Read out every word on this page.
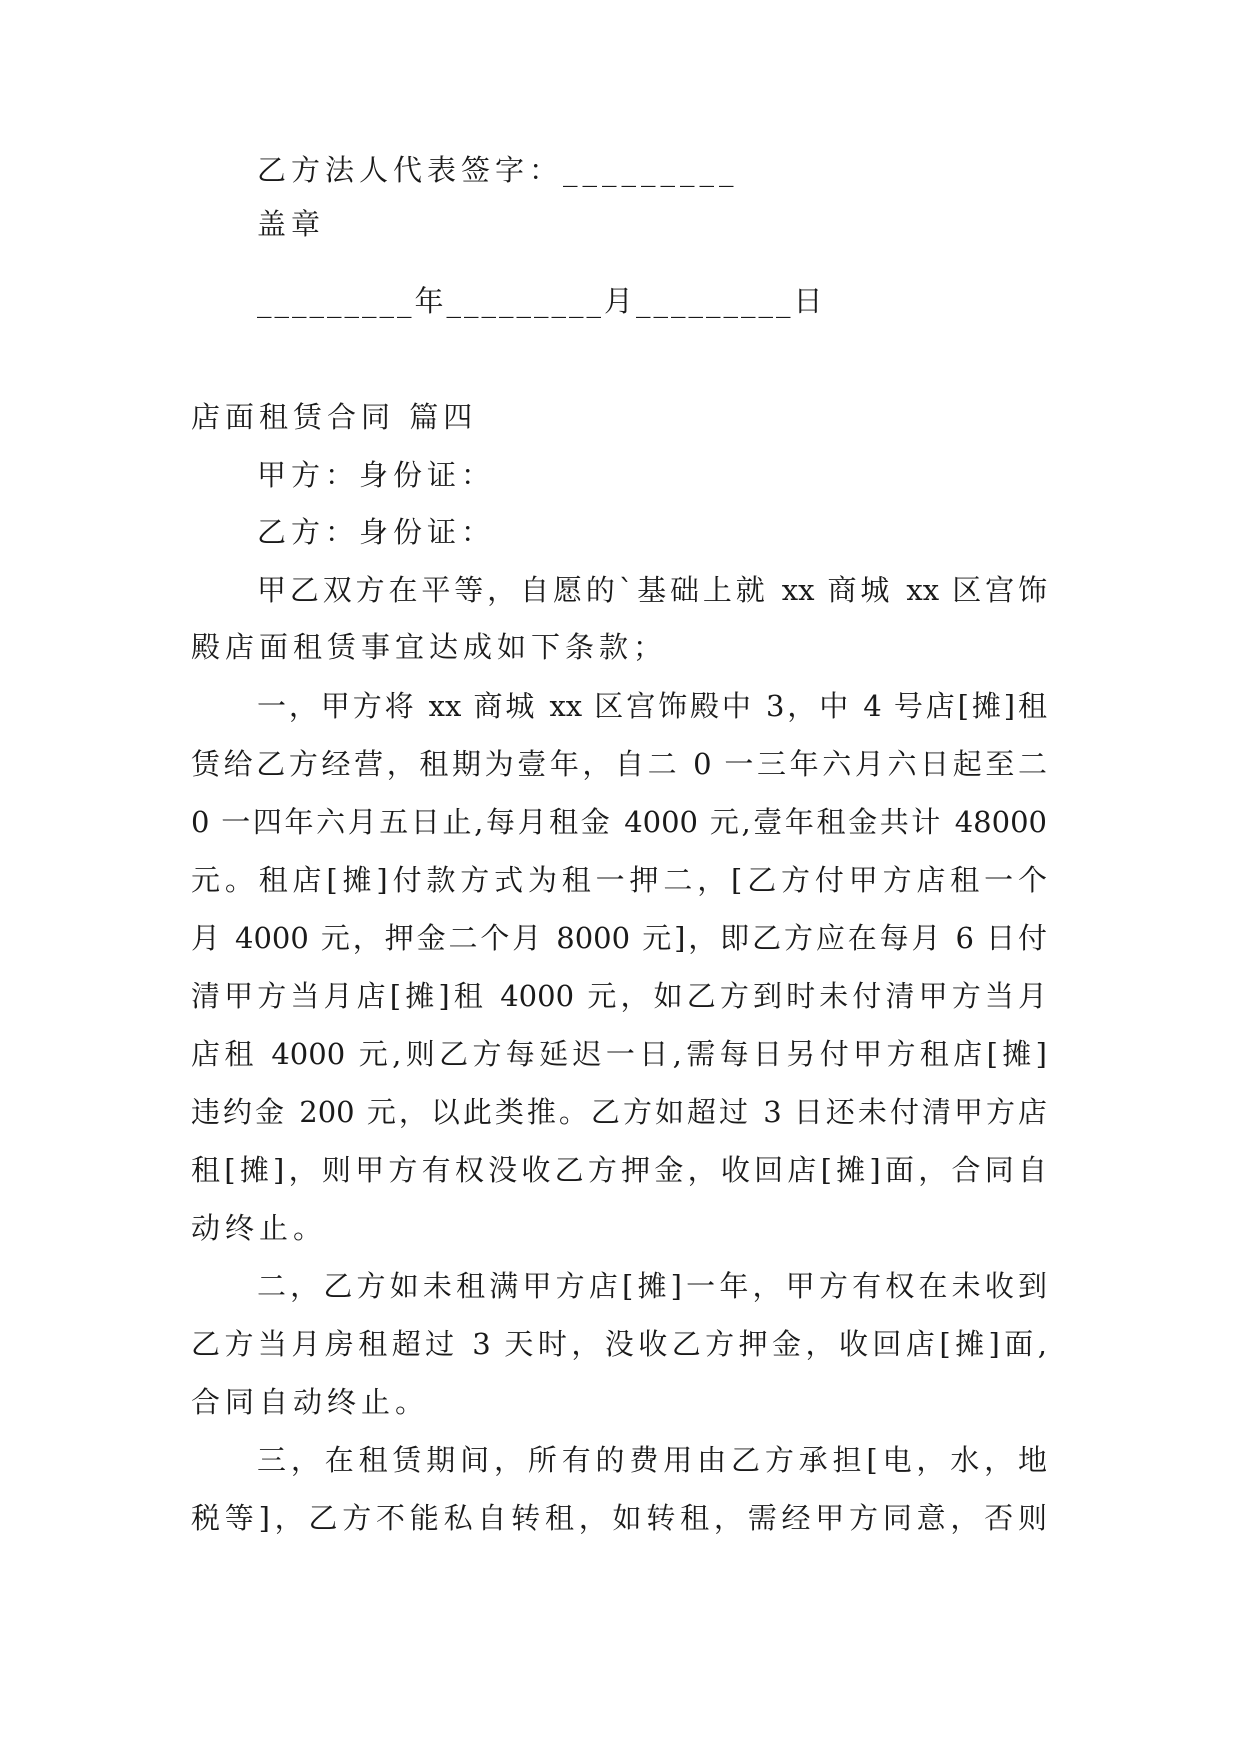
乙方法人代表签字：_________
盖章
_________年_________月_________日
店面租赁合同 篇四
甲方：身份证：
乙方：身份证：
甲乙双方在平等，自愿的`基础上就 xx 商城 xx 区宫饰
殿店面租赁事宜达成如下条款；
一，甲方将 xx 商城 xx 区宫饰殿中 3，中 4 号店[摊]租
赁给乙方经营，租期为壹年，自二 0 一三年六月六日起至二
0 一四年六月五日止,每月租金 4000 元,壹年租金共计 48000
元。租店[摊]付款方式为租一押二，[乙方付甲方店租一个
月 4000 元，押金二个月 8000 元]，即乙方应在每月 6 日付
清甲方当月店[摊]租 4000 元，如乙方到时未付清甲方当月
店租 4000 元,则乙方每延迟一日,需每日另付甲方租店[摊]
违约金 200 元，以此类推。乙方如超过 3 日还未付清甲方店
租[摊]，则甲方有权没收乙方押金，收回店[摊]面，合同自
动终止。
二，乙方如未租满甲方店[摊]一年，甲方有权在未收到
乙方当月房租超过 3 天时，没收乙方押金，收回店[摊]面,
合同自动终止。
三，在租赁期间，所有的费用由乙方承担[电，水，地
税等]，乙方不能私自转租，如转租，需经甲方同意，否则
